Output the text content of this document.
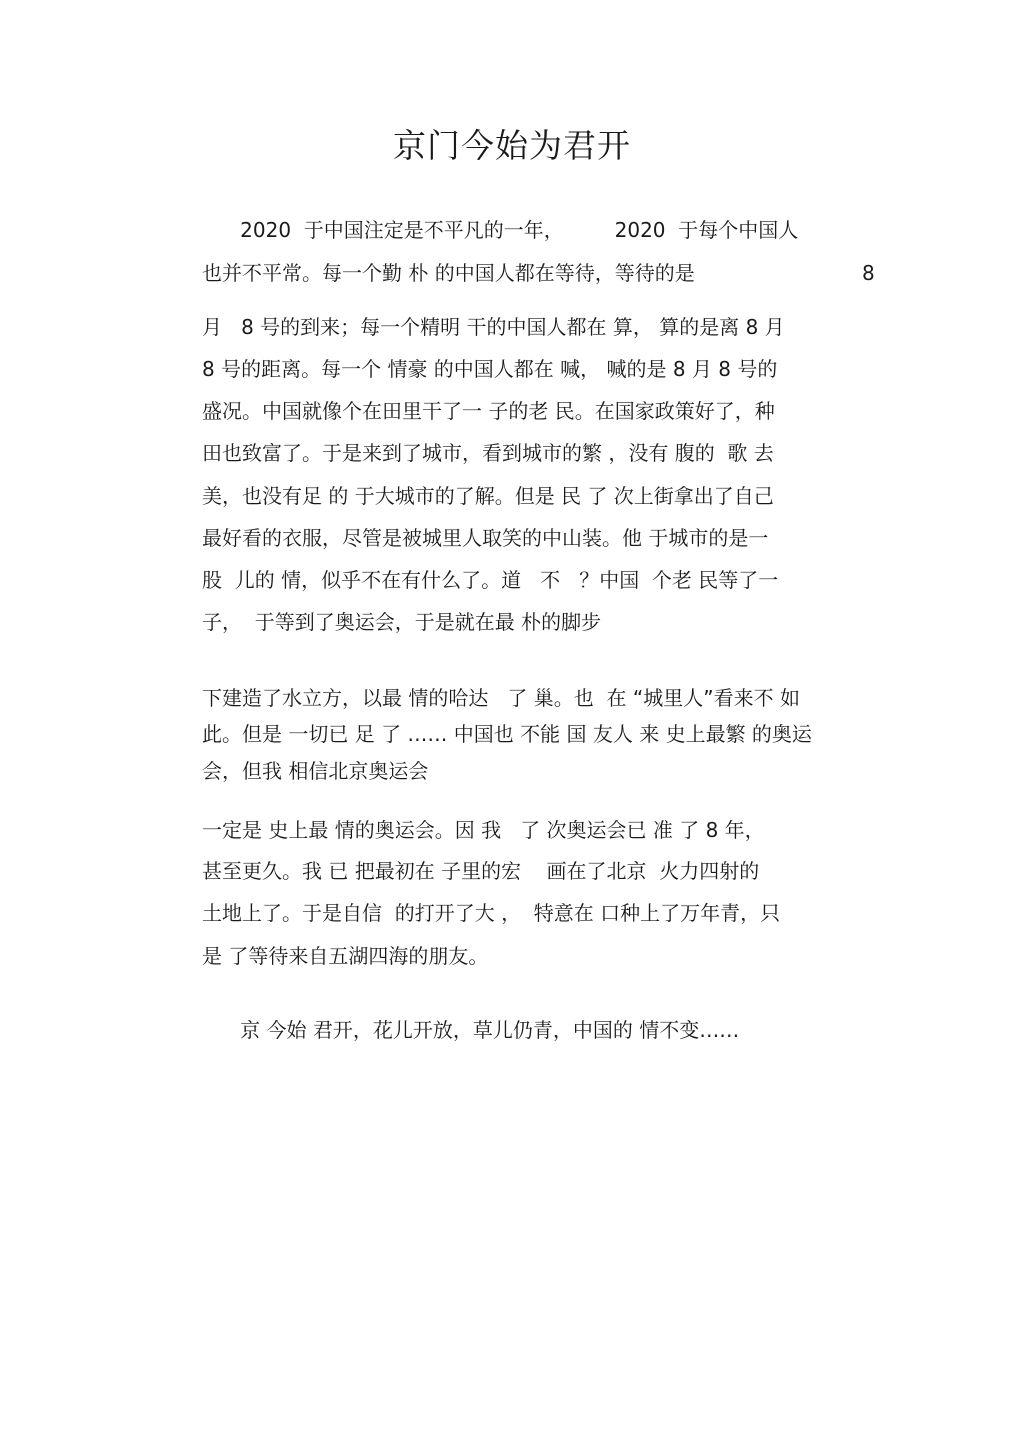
京门今始为君开

2020  于中国注定是不平凡的一年，        2020  于每个中国人

也并不平常。每一个勤 朴 的中国人都在等待，等待的是	8

月   8 号的到来；每一个精明 干的中国人都在 算， 算的是离 8 月

8 号的距离。每一个 情豪 的中国人都在 喊， 喊的是 8 月 8 号的

盛况。中国就像个在田里干了一 子的老 民。在国家政策好了，种

田也致富了。于是来到了城市，看到城市的繁 ，没有 腹的  歌 去

美，也没有足 的 于大城市的了解。但是 民 了 次上街拿出了自己

最好看的衣服，尽管是被城里人取笑的中山装。他 于城市的是一

股  儿的 情，似乎不在有什么了。道   不   ？中国  个老 民等了一

子，  于等到了奥运会，于是就在最 朴的脚步

下建造了水立方，以最 情的哈达   了 巢。也  在 “城里人”看来不 如

此。但是 一切已 足 了 …… 中国也 不能 国 友人 来 史上最繁 的奥运

会，但我 相信北京奥运会

一定是 史上最 情的奥运会。因 我   了 次奥运会已 准 了 8 年，

甚至更久。我 已 把最初在 子里的宏    画在了北京  火力四射的

土地上了。于是自信  的打开了大 ，  特意在 口种上了万年青，只

是 了等待来自五湖四海的朋友。

京 今始 君开，花儿开放，草儿仍青，中国的 情不变……
